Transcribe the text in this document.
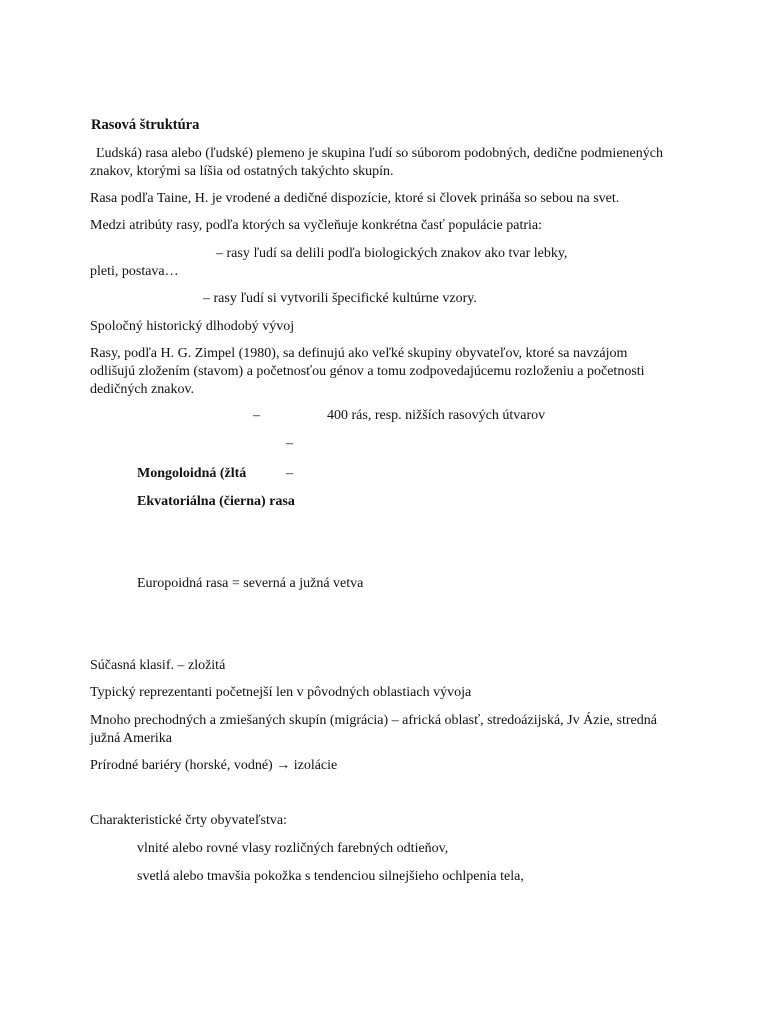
Rasová štruktúra
Ľudská) rasa alebo (ľudské) plemeno je skupina ľudí so súborom podobných, dedične podmienených
znakov, ktorými sa líšia od ostatných takýchto skupín.
Rasa podľa Taine, H. je vrodené a dedičné dispozície, ktoré si človek prináša so sebou na svet.
Medzi atribúty rasy, podľa ktorých sa vyčleňuje konkrétna časť populácie patria:
– rasy ľudí sa delili podľa biologických znakov ako tvar lebky,
pleti, postava…
– rasy ľudí si vytvorili špecifické kultúrne vzory.
Spoločný historický dlhodobý vývoj
Rasy, podľa H. G. Zimpel (1980), sa definujú ako veľké skupiny obyvateľov, ktoré sa navzájom
odlišujú zložením (stavom) a početnosťou génov a tomu zodpovedajúcemu rozloženiu a početnosti
dedičných znakov.
–	400 rás, resp. nižších rasových útvarov
–
Mongoloidná (žltá	–
Ekvatoriálna (čierna) rasa
Europoidná rasa = severná a južná vetva
Súčasná klasif. – zložitá
Typický reprezentanti početnejší len v pôvodných oblastiach vývoja
Mnoho prechodných a zmiešaných skupín (migrácia) – africká oblasť, stredoázijská, Jv Ázie, stredná
južná Amerika
Prírodné bariéry (horské, vodné) → izolácie
Charakteristické črty obyvateľstva:
vlnité alebo rovné vlasy rozličných farebných odtieňov,
svetlá alebo tmavšia pokožka s tendenciou silnejšieho ochlpenia tela,
